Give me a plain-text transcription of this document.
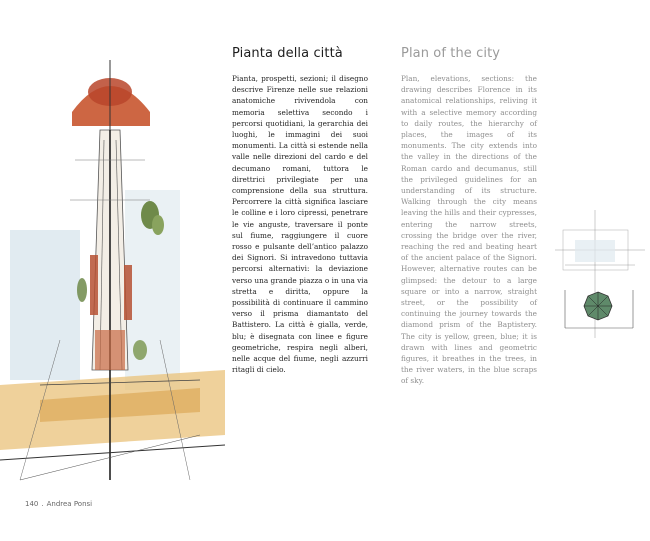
Pianta della città

Pianta, prospetti, sezioni; il disegno descrive Firenze nelle sue relazioni anatomiche rivivendola con memoria selettiva secondo i percorsi quotidiani, la gerarchia dei luoghi, le immagini dei suoi monumenti. La città si estende nella valle nelle direzioni del cardo e del decumano romani, tuttora le direttrici privilegiate per una comprensione della sua struttura. Percorrere la città significa lasciare le colline e i loro cipressi, penetrare le vie anguste, traversare il ponte sul fiume, raggiungere il cuore rosso e pulsante dell’antico palazzo dei Signori. Si intravedono tuttavia percorsi alternativi: la deviazione verso una grande piazza o in una via stretta e diritta, oppure la possibilità di continuare il cammino verso il prisma diamantato del Battistero. La città è gialla, verde, blu; è disegnata con linee e figure geometriche, respira negli alberi, nelle acque del fiume, negli azzurri ritagli di cielo.

Plan of the city

Plan, elevations, sections: the drawing describes Florence in its anatomical relationships, reliving it with a selective memory according to daily routes, the hierarchy of places, the images of its monuments. The city extends into the valley in the directions of the Roman cardo and decumanus, still the privileged guidelines for an understanding of its structure. Walking through the city means leaving the hills and their cypresses, entering the narrow streets, crossing the bridge over the river, reaching the red and beating heart of the ancient palace of the Signori. However, alternative routes can be glimpsed: the detour to a large square or into a narrow, straight street, or the possibility of continuing the journey towards the diamond prism of the Baptistery. The city is yellow, green, blue; it is drawn with lines and geometric figures, it breathes in the trees, in the river waters, in the blue scraps of sky.

140 . Andrea Ponsi
